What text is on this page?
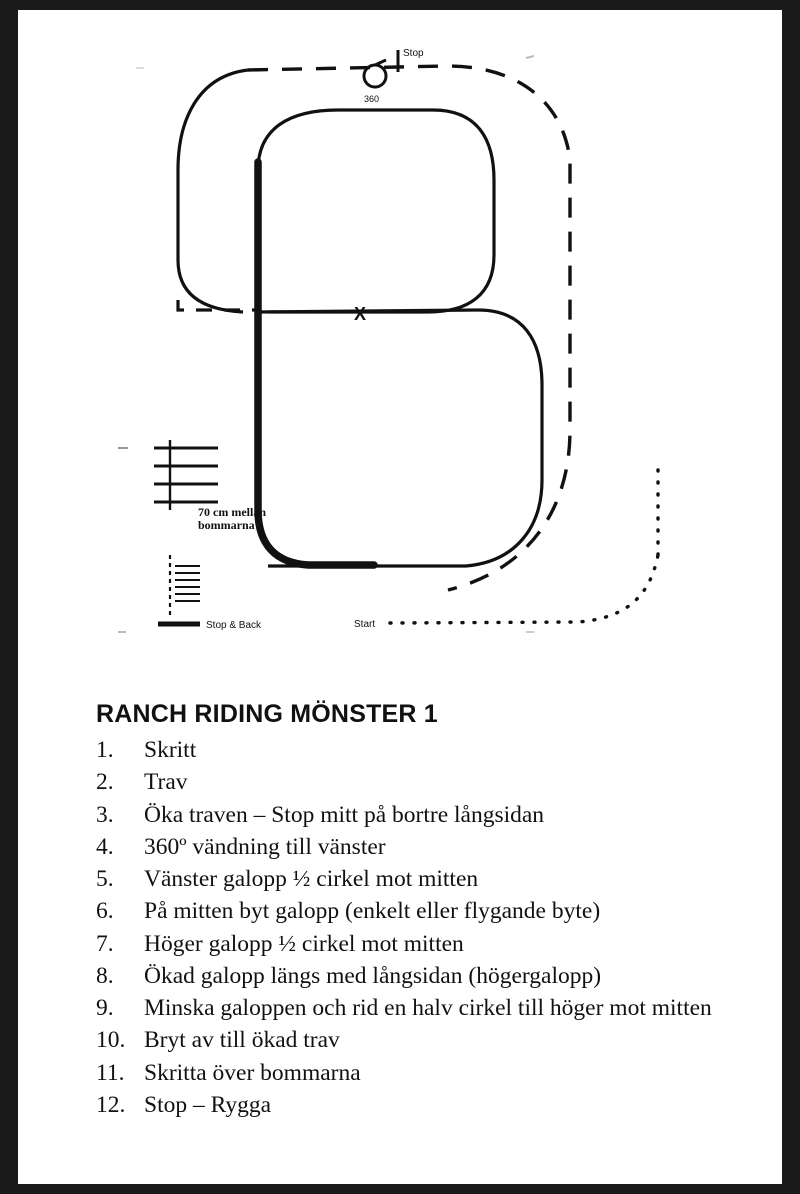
360
Stop
X
70 cm mellan
bommarna
Stop & Back	Start
RANCH RIDING MÖNSTER 1
1.	Skritt
2.	Trav
3.	Öka traven – Stop mitt på bortre långsidan
4.	360º vändning till vänster
5.	Vänster galopp ½ cirkel mot mitten
6.	På mitten byt galopp (enkelt eller flygande byte)
7.	Höger galopp ½ cirkel mot mitten
8.	Ökad galopp längs med långsidan (högergalopp)
9.	Minska galoppen och rid en halv cirkel till höger mot mitten
10. Bryt av till ökad trav
11. Skritta över bommarna
12. Stop – Rygga
